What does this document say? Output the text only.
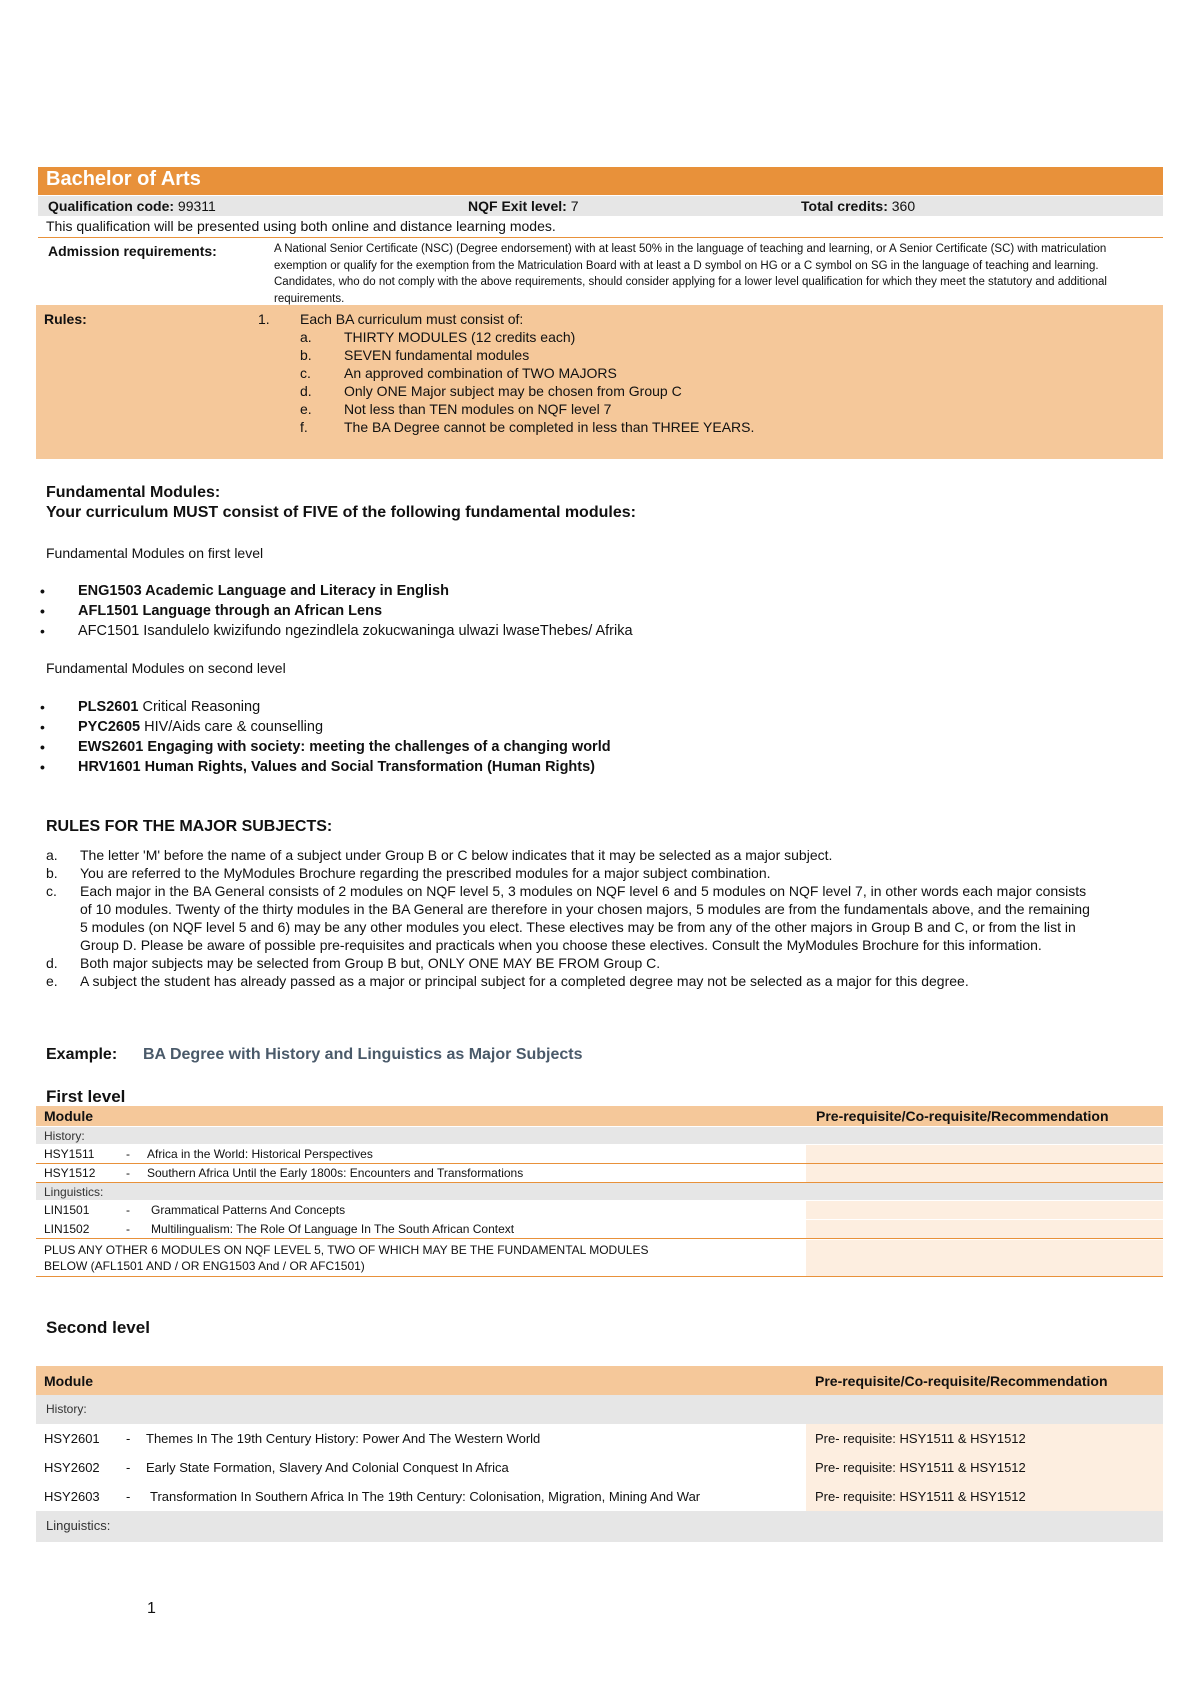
Bachelor of Arts
Qualification code: 99311	NQF Exit level: 7	Total credits: 360
This qualification will be presented using both online and distance learning modes.
Admission requirements:	A National Senior Certificate (NSC) (Degree endorsement) with at least 50% in the language of teaching and learning, or A Senior Certificate (SC) with matriculation exemption or qualify for the exemption from the Matriculation Board with at least a D symbol on HG or a C symbol on SG in the language of teaching and learning. Candidates, who do not comply with the above requirements, should consider applying for a lower level qualification for which they meet the statutory and additional requirements.
Rules:	1. Each BA curriculum must consist of:
a.	THIRTY MODULES (12 credits each)
b.	SEVEN fundamental modules
c.	An approved combination of TWO MAJORS
d.	Only ONE Major subject may be chosen from Group C
e.	Not less than TEN modules on NQF level 7
f.	The BA Degree cannot be completed in less than THREE YEARS.
Fundamental Modules:
Your curriculum MUST consist of FIVE of the following fundamental modules:
Fundamental Modules on first level
• ENG1503 Academic Language and Literacy in English
• AFL1501 Language through an African Lens
• AFC1501 Isandulelo kwizifundo ngezindlela zokucwaninga ulwazi lwaseThebes/ Afrika
Fundamental Modules on second level
• PLS2601 Critical Reasoning
• PYC2605 HIV/Aids care & counselling
• EWS2601 Engaging with society: meeting the challenges of a changing world
• HRV1601 Human Rights, Values and Social Transformation (Human Rights)
RULES FOR THE MAJOR SUBJECTS:
a. The letter 'M' before the name of a subject under Group B or C below indicates that it may be selected as a major subject.
b. You are referred to the MyModules Brochure regarding the prescribed modules for a major subject combination.
c. Each major in the BA General consists of 2 modules on NQF level 5, 3 modules on NQF level 6 and 5 modules on NQF level 7, in other words each major consists of 10 modules. Twenty of the thirty modules in the BA General are therefore in your chosen majors, 5 modules are from the fundamentals above, and the remaining 5 modules (on NQF level 5 and 6) may be any other modules you elect. These electives may be from any of the other majors in Group B and C, or from the list in Group D. Please be aware of possible pre-requisites and practicals when you choose these electives. Consult the MyModules Brochure for this information.
d. Both major subjects may be selected from Group B but, ONLY ONE MAY BE FROM Group C.
e. A subject the student has already passed as a major or principal subject for a completed degree may not be selected as a major for this degree.
Example: BA Degree with History and Linguistics as Major Subjects
First level
Module	Pre-requisite/Co-requisite/Recommendation
History:
HSY1511	- Africa in the World: Historical Perspectives
HSY1512	- Southern Africa Until the Early 1800s: Encounters and Transformations
Linguistics:
LIN1501	- Grammatical Patterns And Concepts
LIN1502	- Multilingualism: The Role Of Language In The South African Context
PLUS ANY OTHER 6 MODULES ON NQF LEVEL 5, TWO OF WHICH MAY BE THE FUNDAMENTAL MODULES
BELOW (AFL1501 AND / OR ENG1503 And / OR AFC1501)
Second level
Module	Pre-requisite/Co-requisite/Recommendation
History:
HSY2601 - Themes In The 19th Century History: Power And The Western World	Pre- requisite: HSY1511 & HSY1512
HSY2602 - Early State Formation, Slavery And Colonial Conquest In Africa	Pre- requisite: HSY1511 & HSY1512
HSY2603 - Transformation In Southern Africa In The 19th Century: Colonisation, Migration, Mining And War	Pre- requisite: HSY1511 & HSY1512
Linguistics:
1
